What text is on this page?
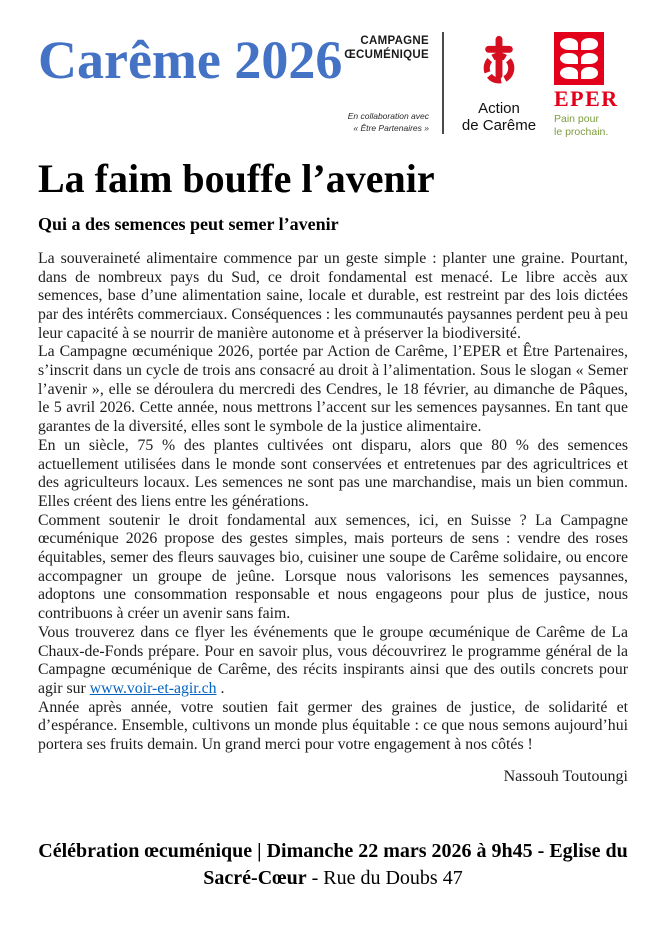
Carême 2026	CAMPAGNE
ŒCUMÉNIQUE
En collaboration avec
« Être Partenaires »
Action
de Carême
EPER
Pain pour
le prochain.
La faim bouffe l’avenir
Qui a des semences peut semer l’avenir

La souveraineté alimentaire commence par un geste simple : planter une graine. Pourtant, dans de nombreux pays du Sud, ce droit fondamental est menacé. Le libre accès aux semences, base d’une alimentation saine, locale et durable, est restreint par des lois dictées par des intérêts commerciaux. Conséquences : les communautés paysannes perdent peu à peu leur capacité à se nourrir de manière autonome et à préserver la biodiversité.

La Campagne œcuménique 2026, portée par Action de Carême, l’EPER et Être Partenaires, s’inscrit dans un cycle de trois ans consacré au droit à l’alimentation. Sous le slogan « Semer l’avenir », elle se déroulera du mercredi des Cendres, le 18 février, au dimanche de Pâques, le 5 avril 2026. Cette année, nous mettrons l’accent sur les semences paysannes. En tant que garantes de la diversité, elles sont le symbole de la justice alimentaire.

En un siècle, 75 % des plantes cultivées ont disparu, alors que 80 % des semences actuellement utilisées dans le monde sont conservées et entretenues par des agricultrices et des agriculteurs locaux. Les semences ne sont pas une marchandise, mais un bien commun. Elles créent des liens entre les générations.

Comment soutenir le droit fondamental aux semences, ici, en Suisse ? La Campagne œcuménique 2026 propose des gestes simples, mais porteurs de sens : vendre des roses équitables, semer des fleurs sauvages bio, cuisiner une soupe de Carême solidaire, ou encore accompagner un groupe de jeûne. Lorsque nous valorisons les semences paysannes, adoptons une consommation responsable et nous engageons pour plus de justice, nous contribuons à créer un avenir sans faim.

Vous trouverez dans ce flyer les événements que le groupe œcuménique de Carême de La Chaux-de-Fonds prépare. Pour en savoir plus, vous découvrirez le programme général de la Campagne œcuménique de Carême, des récits inspirants ainsi que des outils concrets pour agir sur www.voir-et-agir.ch .

Année après année, votre soutien fait germer des graines de justice, de solidarité et d’espérance. Ensemble, cultivons un monde plus équitable : ce que nous semons aujourd’hui portera ses fruits demain. Un grand merci pour votre engagement à nos côtés !

Nassouh Toutoungi

Célébration œcuménique | Dimanche 22 mars 2026 à 9h45 - Eglise du Sacré-Cœur - Rue du Doubs 47
